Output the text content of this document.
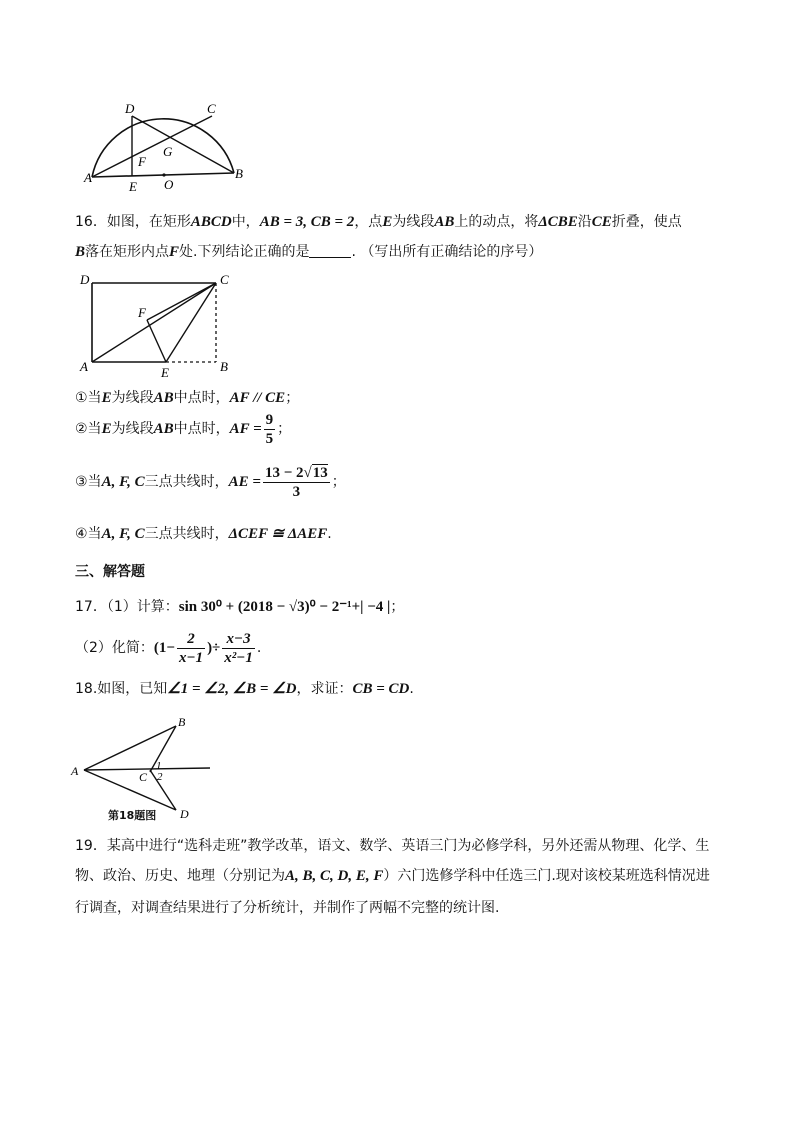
D	C
G
F
A
E O
B
16．如图，在矩形ABCD中，AB = 3, CB = 2，点E为线段AB上的动点，将ΔCBE沿CE折叠，使点
B落在矩形内点F处.下列结论正确的是	. （写出所有正确结论的序号）
D	C
F
A	E	B
①当E为线段AB中点时，AF // CE；
②当E为线段AB中点时，AF = $\frac{9}{5}$ ；
③当A, F, C三点共线时，AE = $\frac{13 - 2√13}{3}$ ；
④当A, F, C三点共线时，ΔCEF ≅ ΔAEF.
三、解答题
17．（1）计算：sin 30⁰ + (2018 − √3)⁰ − 2⁻¹+| −4 |；
（2）化简：($1- \frac{2}{x-1}$ )÷ $\frac{x-3}{\text{x²−1}}$ .
18.如图，已知∠1 = ∠2, ∠B = ∠D，求证：CB = CD.
B
A	C
1
2
D
第18题图
19．某高中进行“选科走班”教学改革，语文、数学、英语三门为必修学科，另外还需从物理、化学、生
物、政治、历史、地理（分别记为A, B, C, D, E, F）六门选修学科中任选三门.现对该校某班选科情况进
行调查，对调查结果进行了分析统计，并制作了两幅不完整的统计图.
